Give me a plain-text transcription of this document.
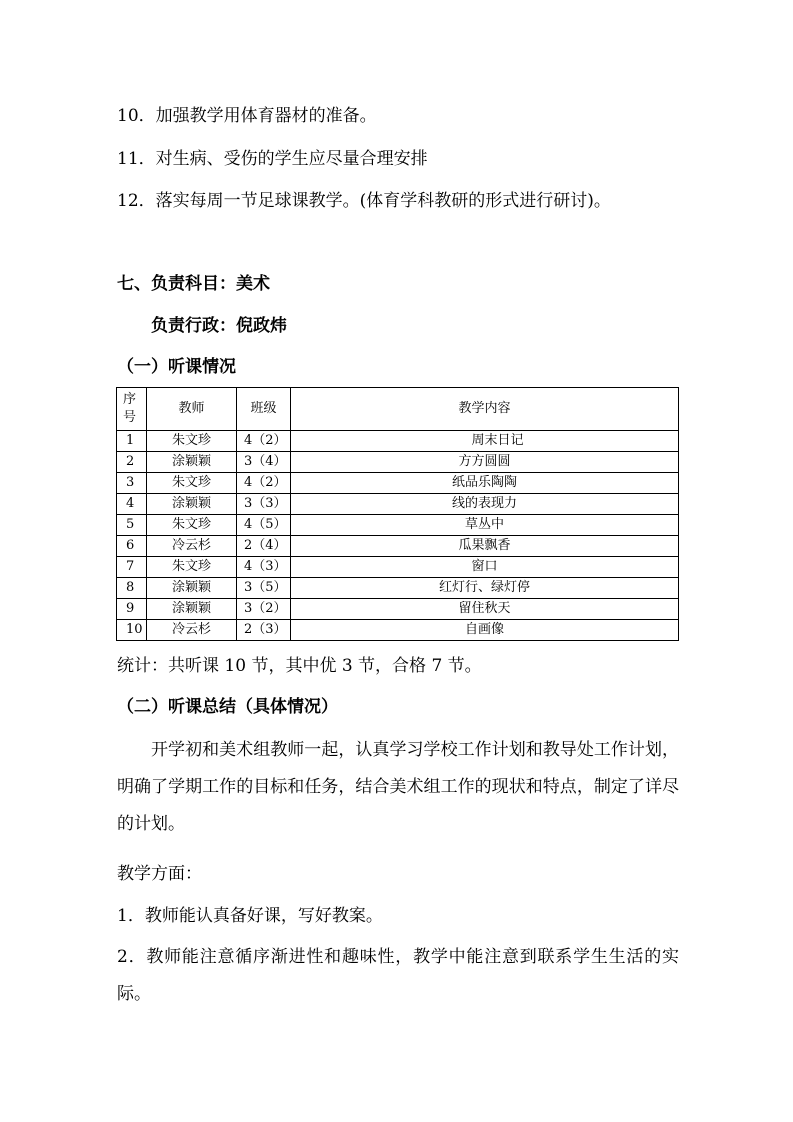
10．加强教学用体育器材的准备。
11．对生病、受伤的学生应尽量合理安排
12．落实每周一节足球课教学。(体育学科教研的形式进行研讨)。
七、负责科目：美术
负责行政：倪政炜
（一）听课情况
序号	教师	班级	教学内容
1	朱文珍	4（2）	周末日记
2	涂颖颖	3（4）	方方圆圆
3	朱文珍	4（2）	纸品乐陶陶
4	涂颖颖	3（3）	线的表现力
5	朱文珍	4（5）	草丛中
6	冷云杉	2（4）	瓜果飘香
7	朱文珍	4（3）	窗口
8	涂颖颖	3（5）	红灯行、绿灯停
9	涂颖颖	3（2）	留住秋天
10	冷云杉	2（3）	自画像
统计：共听课 10 节，其中优 3 节，合格 7 节。
（二）听课总结（具体情况）
开学初和美术组教师一起，认真学习学校工作计划和教导处工作计划，明确了学期工作的目标和任务，结合美术组工作的现状和特点，制定了详尽的计划。
教学方面：
1．教师能认真备好课，写好教案。
2．教师能注意循序渐进性和趣味性，教学中能注意到联系学生生活的实际。
